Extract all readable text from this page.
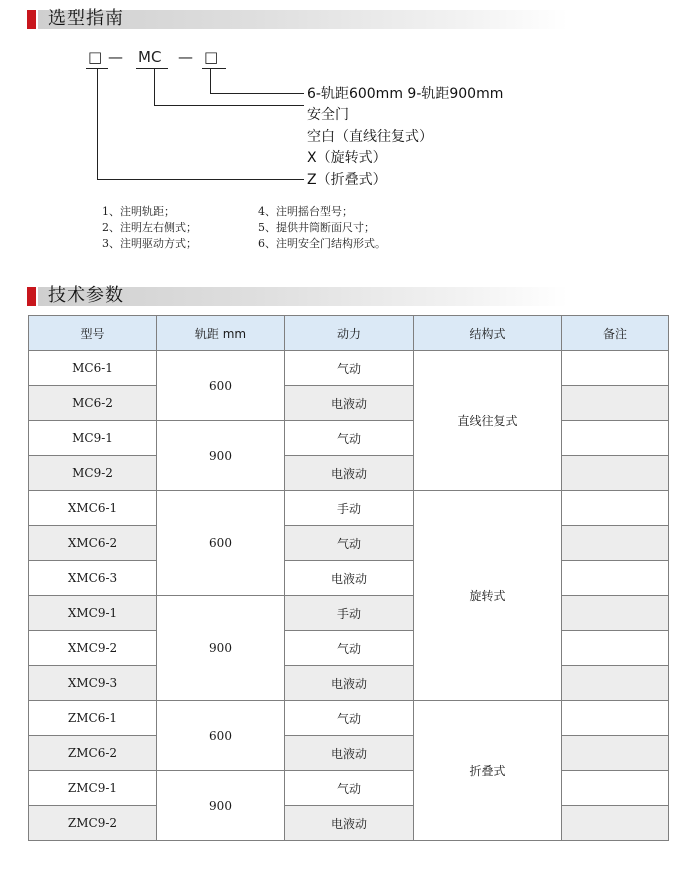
选型指南
□ — MC — □
6-轨距600mm 9-轨距900mm
安全门
空白（直线往复式）
X（旋转式）
Z（折叠式）
1、注明轨距；
2、注明左右侧式；
3、注明驱动方式；
4、注明摇台型号；
5、提供井筒断面尺寸；
6、注明安全门结构形式。
技术参数
型号	轨距 mm	动力	结构式	备注
MC6-1	600	气动	直线往复式	
MC6-2		电液动		
MC9-1	900	气动		
MC9-2		电液动		
XMC6-1	600	手动	旋转式	
XMC6-2		气动		
XMC6-3		电液动		
XMC9-1	900	手动		
XMC9-2		气动		
XMC9-3		电液动		
ZMC6-1	600	气动	折叠式	
ZMC6-2		电液动		
ZMC9-1	900	气动		
ZMC9-2		电液动		
